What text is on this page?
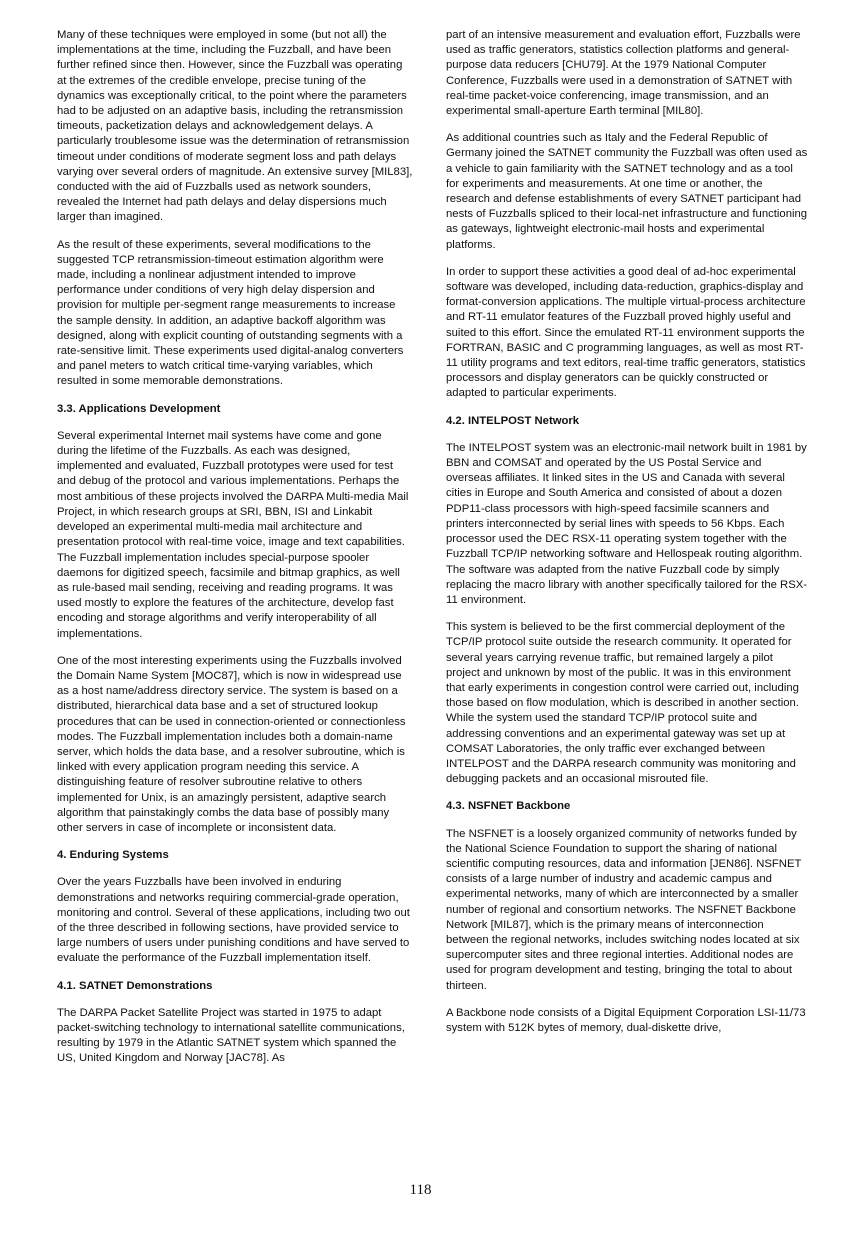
Many of these techniques were employed in some (but not all) the implementations at the time, including the Fuzzball, and have been further refined since then. However, since the Fuzzball was operating at the extremes of the credible envelope, precise tuning of the dynamics was exceptionally critical, to the point where the parameters had to be adjusted on an adaptive basis, including the retransmission timeouts, packetization delays and acknowledgement delays. A particularly troublesome issue was the determination of retransmission timeout under conditions of moderate segment loss and path delays varying over several orders of magnitude. An extensive survey [MIL83], conducted with the aid of Fuzzballs used as network sounders, revealed the Internet had path delays and delay dispersions much larger than imagined.

As the result of these experiments, several modifications to the suggested TCP retransmission-timeout estimation algorithm were made, including a nonlinear adjustment intended to improve performance under conditions of very high delay dispersion and provision for multiple per-segment range measurements to increase the sample density. In addition, an adaptive backoff algorithm was designed, along with explicit counting of outstanding segments with a rate-sensitive limit. These experiments used digital-analog converters and panel meters to watch critical time-varying variables, which resulted in some memorable demonstrations.

3.3. Applications Development

Several experimental Internet mail systems have come and gone during the lifetime of the Fuzzballs. As each was designed, implemented and evaluated, Fuzzball prototypes were used for test and debug of the protocol and various implementations. Perhaps the most ambitious of these projects involved the DARPA Multi-media Mail Project, in which research groups at SRI, BBN, ISI and Linkabit developed an experimental multi-media mail architecture and presentation protocol with real-time voice, image and text capabilities. The Fuzzball implementation includes special-purpose spooler daemons for digitized speech, facsimile and bitmap graphics, as well as rule-based mail sending, receiving and reading programs. It was used mostly to explore the features of the architecture, develop fast encoding and storage algorithms and verify interoperability of all implementations.

One of the most interesting experiments using the Fuzzballs involved the Domain Name System [MOC87], which is now in widespread use as a host name/address directory service. The system is based on a distributed, hierarchical data base and a set of structured lookup procedures that can be used in connection-oriented or connectionless modes. The Fuzzball implementation includes both a domain-name server, which holds the data base, and a resolver subroutine, which is linked with every application program needing this service. A distinguishing feature of resolver subroutine relative to others implemented for Unix, is an amazingly persistent, adaptive search algorithm that painstakingly combs the data base of possibly many other servers in case of incomplete or inconsistent data.

4. Enduring Systems

Over the years Fuzzballs have been involved in enduring demonstrations and networks requiring commercial-grade operation, monitoring and control. Several of these applications, including two out of the three described in following sections, have provided service to large numbers of users under punishing conditions and have served to evaluate the performance of the Fuzzball implementation itself.

4.1. SATNET Demonstrations

The DARPA Packet Satellite Project was started in 1975 to adapt packet-switching technology to international satellite communications, resulting by 1979 in the Atlantic SATNET system which spanned the US, United Kingdom and Norway [JAC78]. As

part of an intensive measurement and evaluation effort, Fuzzballs were used as traffic generators, statistics collection platforms and general-purpose data reducers [CHU79]. At the 1979 National Computer Conference, Fuzzballs were used in a demonstration of SATNET with real-time packet-voice conferencing, image transmission, and an experimental small-aperture Earth terminal [MIL80].

As additional countries such as Italy and the Federal Republic of Germany joined the SATNET community the Fuzzball was often used as a vehicle to gain familiarity with the SATNET technology and as a tool for experiments and measurements. At one time or another, the research and defense establishments of every SATNET participant had nests of Fuzzballs spliced to their local-net infrastructure and functioning as gateways, lightweight electronic-mail hosts and experimental platforms.

In order to support these activities a good deal of ad-hoc experimental software was developed, including data-reduction, graphics-display and format-conversion applications. The multiple virtual-process architecture and RT-11 emulator features of the Fuzzball proved highly useful and suited to this effort. Since the emulated RT-11 environment supports the FORTRAN, BASIC and C programming languages, as well as most RT-11 utility programs and text editors, real-time traffic generators, statistics processors and display generators can be quickly constructed or adapted to particular experiments.

4.2. INTELPOST Network

The INTELPOST system was an electronic-mail network built in 1981 by BBN and COMSAT and operated by the US Postal Service and overseas affiliates. It linked sites in the US and Canada with several cities in Europe and South America and consisted of about a dozen PDP11-class processors with high-speed facsimile scanners and printers interconnected by serial lines with speeds to 56 Kbps. Each processor used the DEC RSX-11 operating system together with the Fuzzball TCP/IP networking software and Hellospeak routing algorithm. The software was adapted from the native Fuzzball code by simply replacing the macro library with another specifically tailored for the RSX-11 environment.

This system is believed to be the first commercial deployment of the TCP/IP protocol suite outside the research community. It operated for several years carrying revenue traffic, but remained largely a pilot project and unknown by most of the public. It was in this environment that early experiments in congestion control were carried out, including those based on flow modulation, which is described in another section. While the system used the standard TCP/IP protocol suite and addressing conventions and an experimental gateway was set up at COMSAT Laboratories, the only traffic ever exchanged between INTELPOST and the DARPA research community was monitoring and debugging packets and an occasional misrouted file.

4.3. NSFNET Backbone

The NSFNET is a loosely organized community of networks funded by the National Science Foundation to support the sharing of national scientific computing resources, data and information [JEN86]. NSFNET consists of a large number of industry and academic campus and experimental networks, many of which are interconnected by a smaller number of regional and consortium networks. The NSFNET Backbone Network [MIL87], which is the primary means of interconnection between the regional networks, includes switching nodes located at six supercomputer sites and three regional interties. Additional nodes are used for program development and testing, bringing the total to about thirteen.

A Backbone node consists of a Digital Equipment Corporation LSI-11/73 system with 512K bytes of memory, dual-diskette drive,

118
